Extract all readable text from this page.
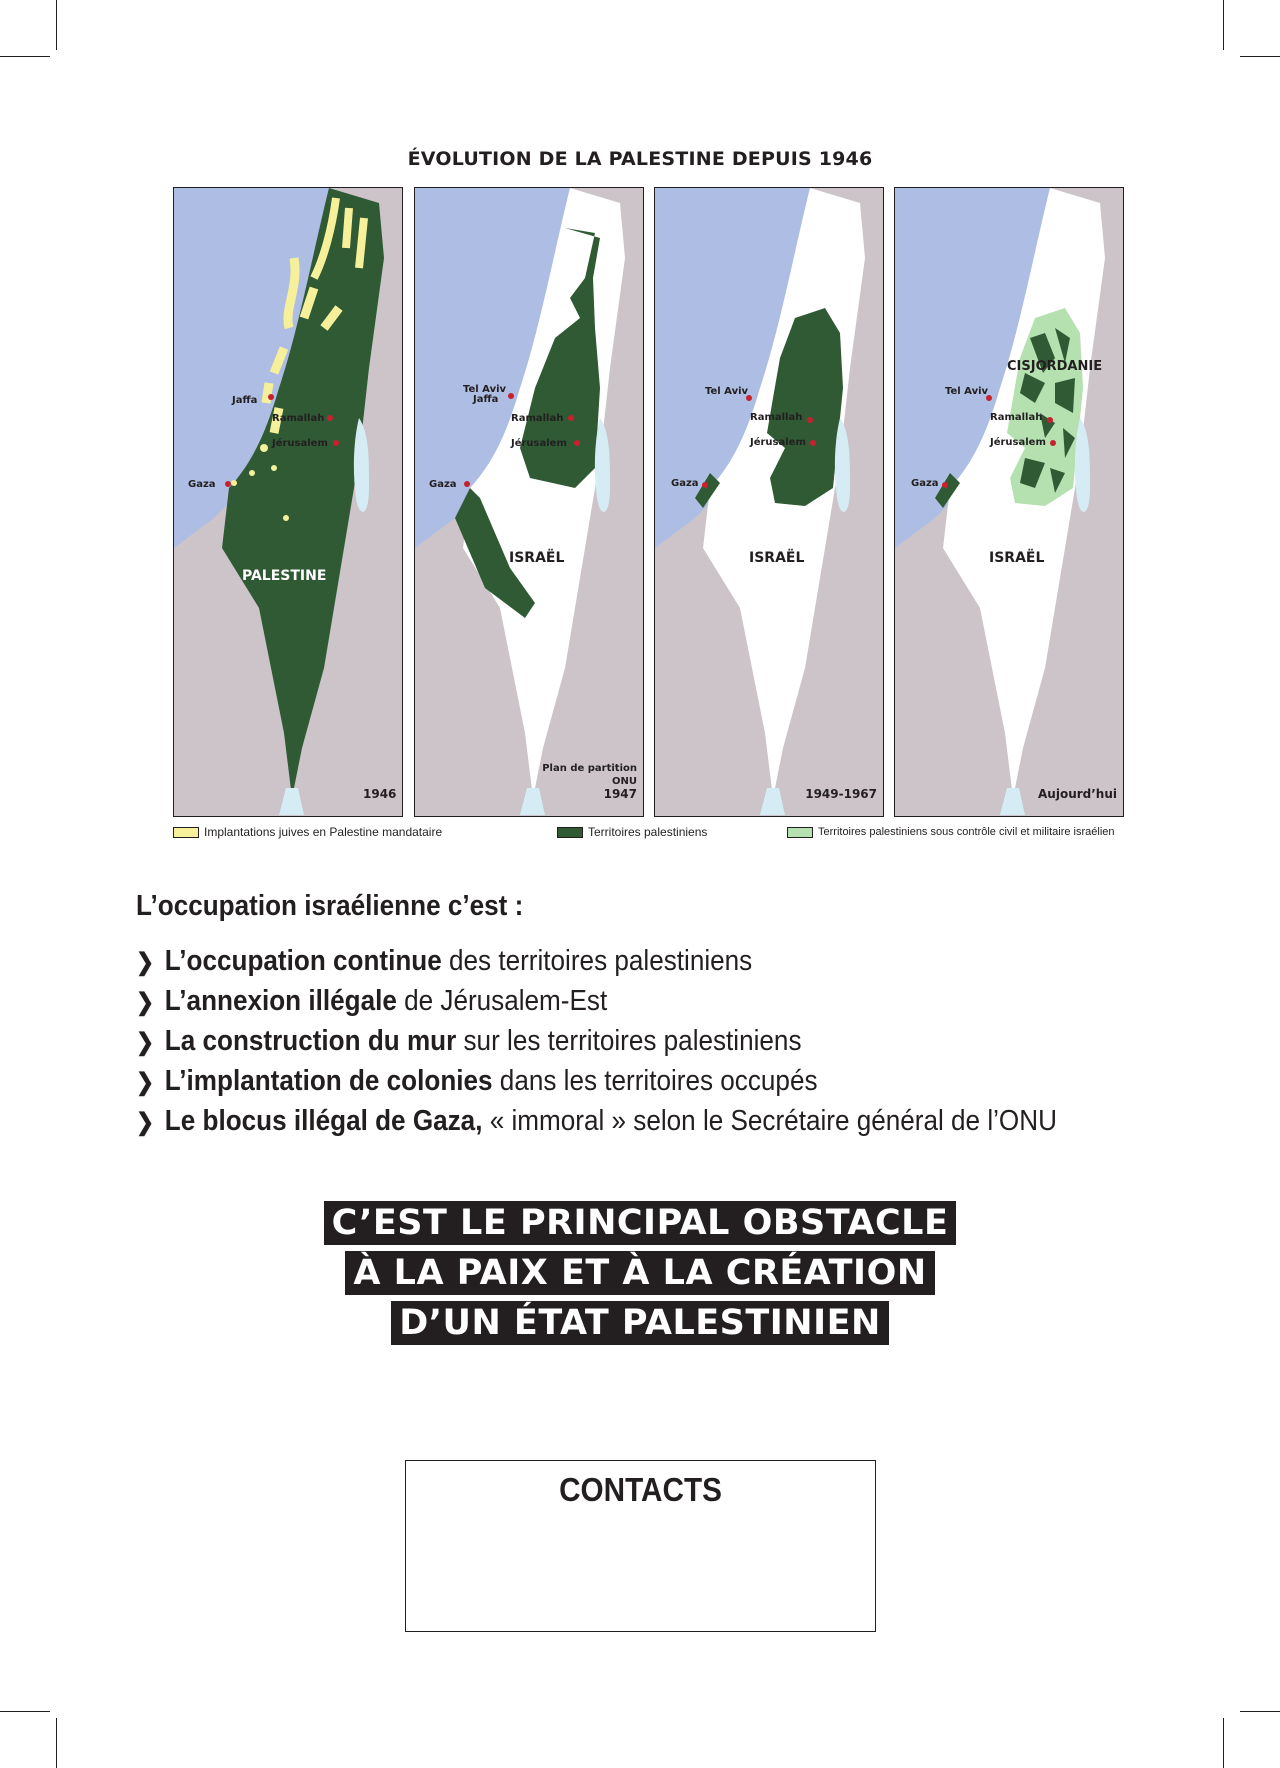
ÉVOLUTION DE LA PALESTINE DEPUIS 1946
Jaffa
Ramallah
Jérusalem
Gaza
PALESTINE
1946
Tel Aviv
Jaffa
Ramallah
Jérusalem
Gaza
ISRAËL
Plan de partition
ONU
1947
Tel Aviv
Ramallah
Jérusalem
Gaza
ISRAËL
1949-1967
Tel Aviv
Ramallah
Jérusalem
Gaza
CISJORDANIE
ISRAËL
Aujourd’hui
Implantations juives en Palestine mandataire	Territoires palestiniens	Territoires palestiniens sous contrôle civil et militaire israélien
L’occupation israélienne c’est :
❯ L’occupation continue des territoires palestiniens
❯ L’annexion illégale de Jérusalem-Est
❯ La construction du mur sur les territoires palestiniens
❯ L’implantation de colonies dans les territoires occupés
❯ Le blocus illégal de Gaza, « immoral » selon le Secrétaire général de l’ONU
C’EST LE PRINCIPAL OBSTACLE
À LA PAIX ET À LA CRÉATION
D’UN ÉTAT PALESTINIEN
CONTACTS
